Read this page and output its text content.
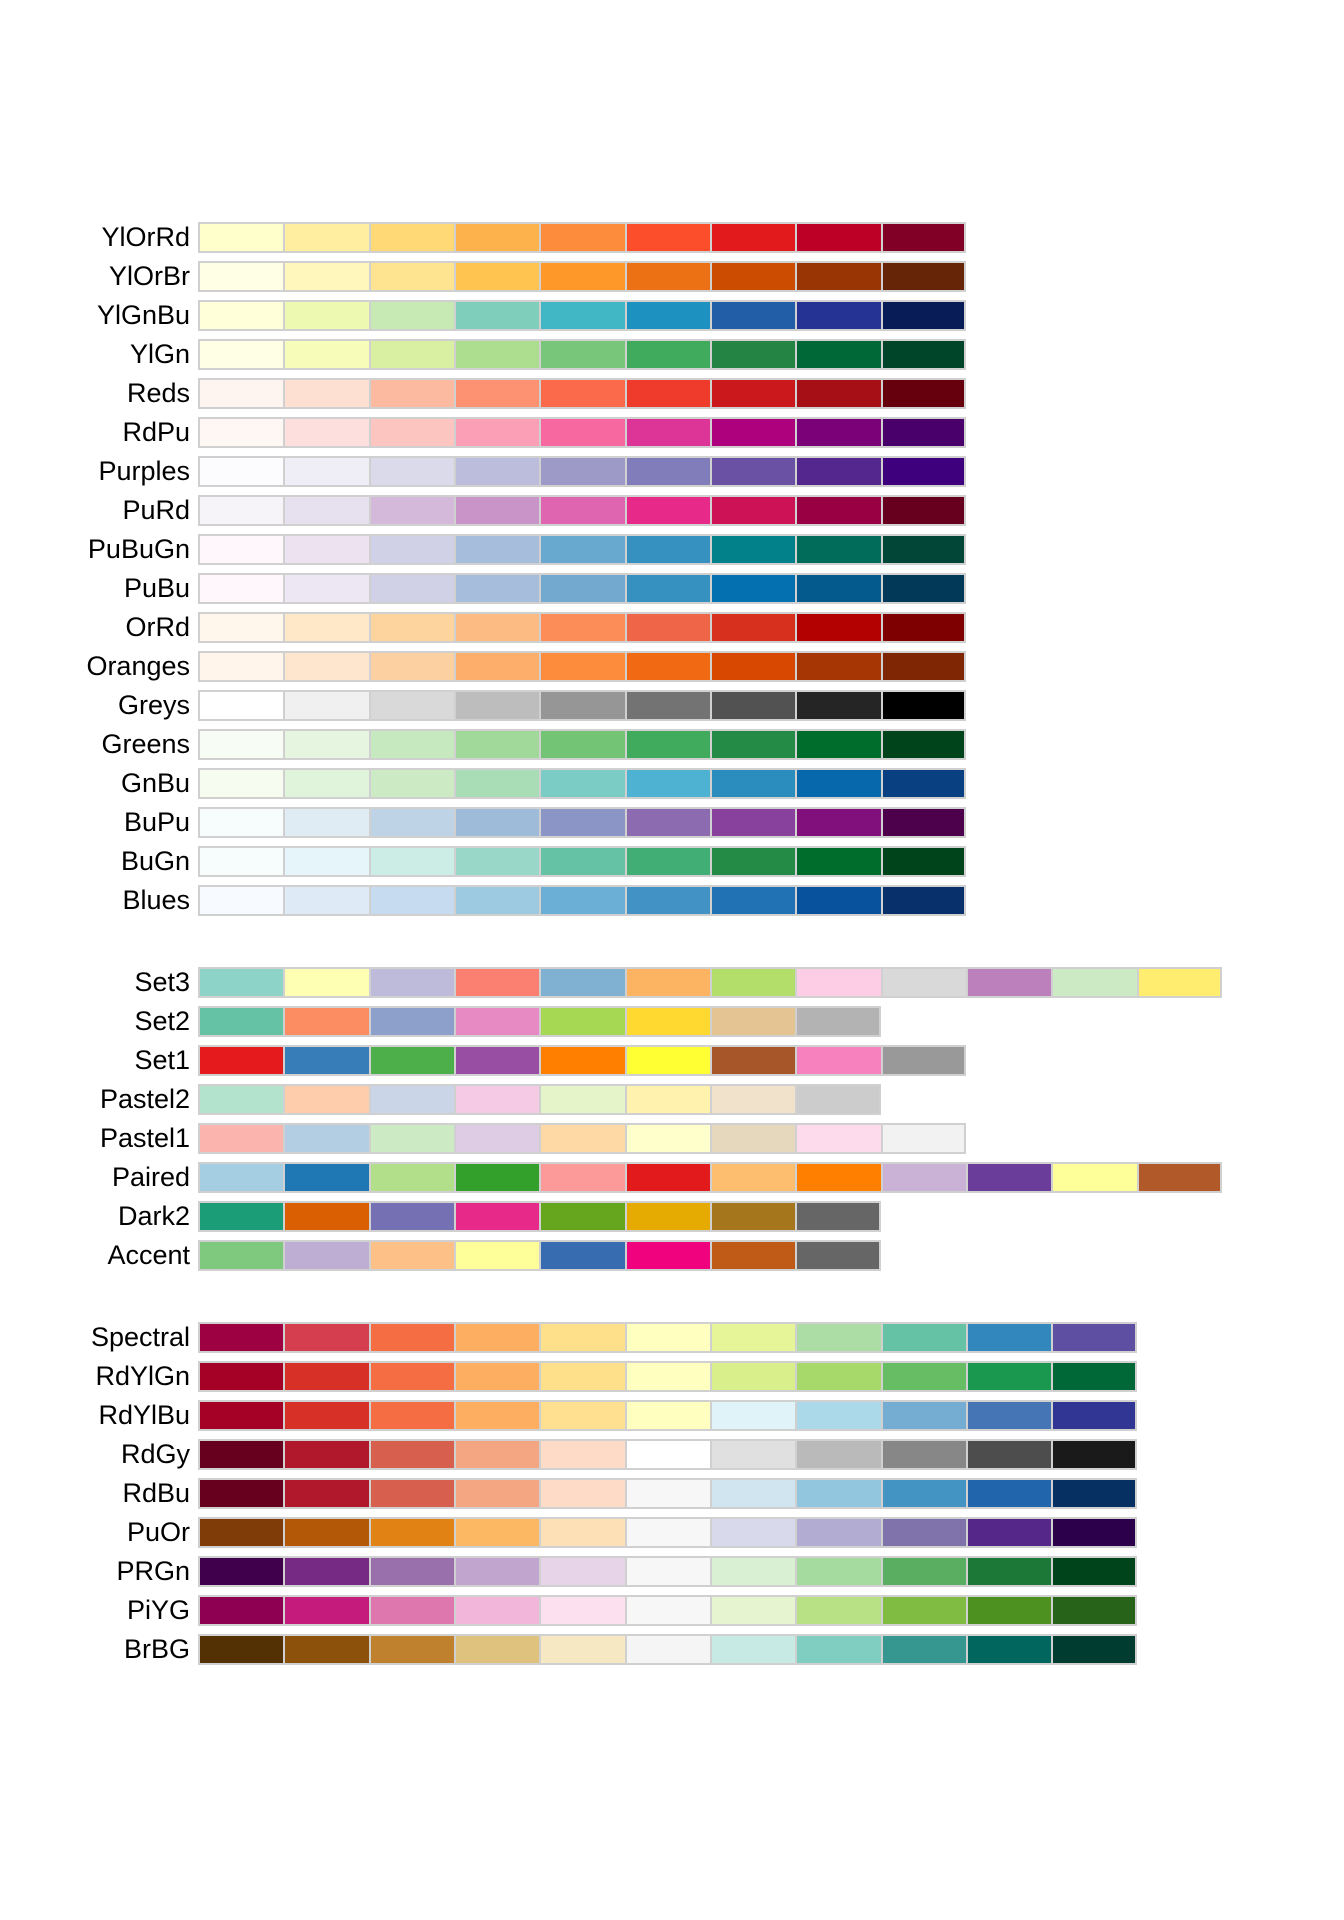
YlOrRd
YlOrBr
YlGnBu
YlGn
Reds
RdPu
Purples
PuRd
PuBuGn
PuBu
OrRd
Oranges
Greys
Greens
GnBu
BuPu
BuGn
Blues
Set3
Set2
Set1
Pastel2
Pastel1
Paired
Dark2
Accent
Spectral
RdYlGn
RdYlBu
RdGy
RdBu
PuOr
PRGn
PiYG
BrBG
